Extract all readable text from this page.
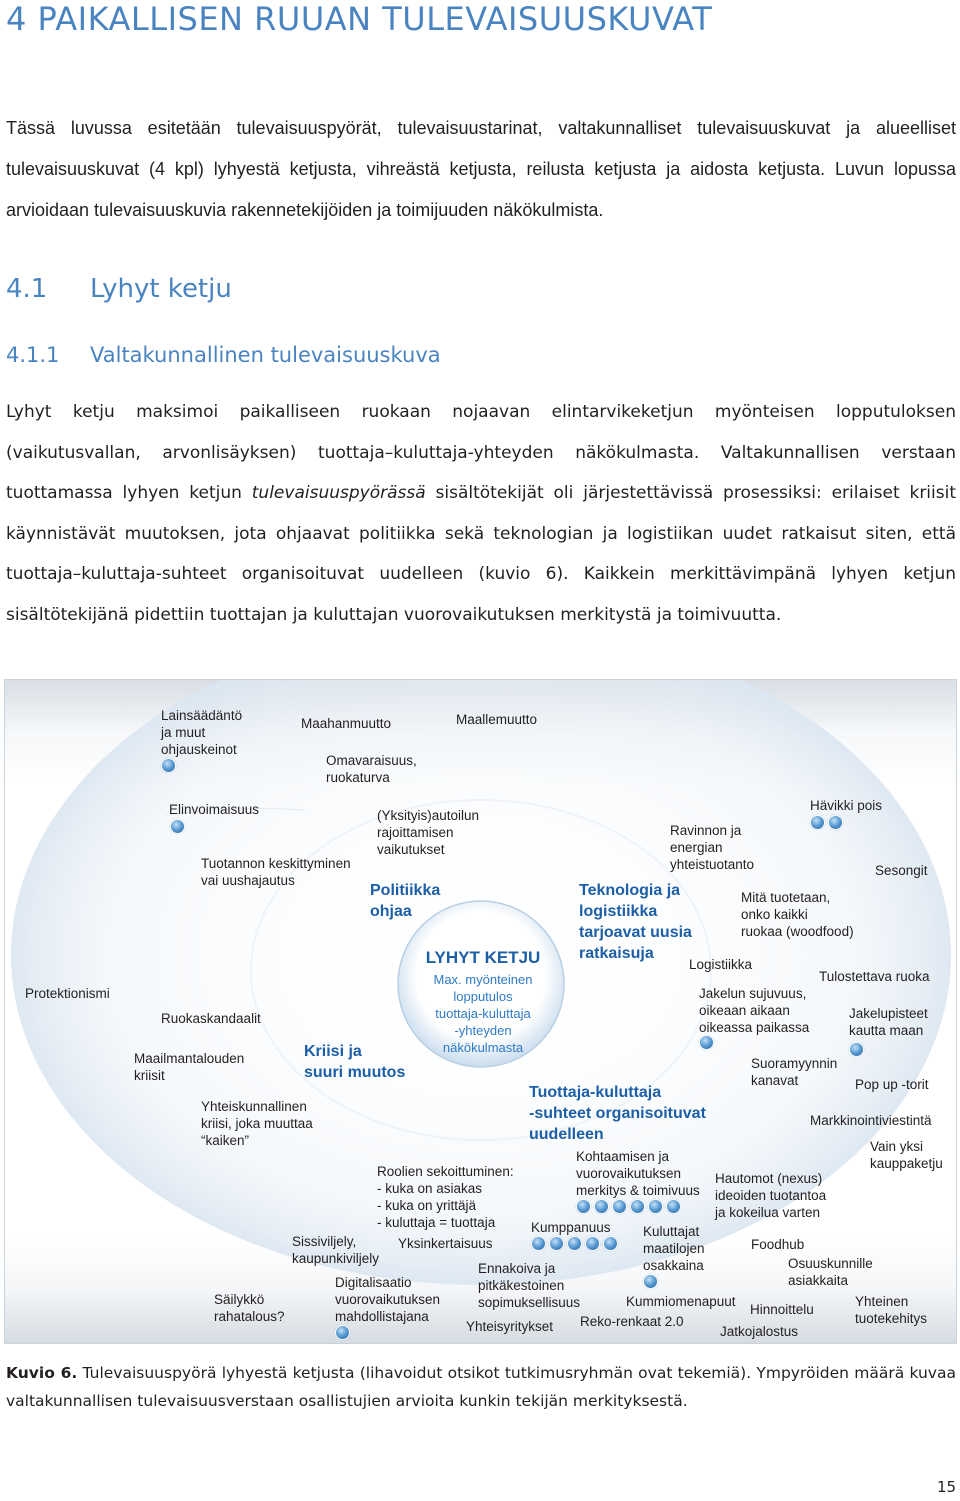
4 PAIKALLISEN RUUAN TULEVAISUUSKUVAT

Tässä luvussa esitetään tulevaisuuspyörät, tulevaisuustarinat, valtakunnalliset tulevaisuuskuvat ja alueelliset tulevaisuuskuvat (4 kpl) lyhyestä ketjusta, vihreästä ketjusta, reilusta ketjusta ja aidosta ketjusta. Luvun lopussa arvioidaan tulevaisuuskuvia rakennetekijöiden ja toimijuuden näkökulmista.

4.1 Lyhyt ketju
4.1.1 Valtakunnallinen tulevaisuuskuva

Lyhyt ketju maksimoi paikalliseen ruokaan nojaavan elintarvikeketjun myönteisen lopputuloksen (vaikutusvallan, arvonlisäyksen) tuottaja–kuluttaja-yhteyden näkökulmasta. Valtakunnallisen verstaan tuottamassa lyhyen ketjun tulevaisuuspyörässä sisältötekijät oli järjestettävissä prosessiksi: erilaiset kriisit käynnistävät muutoksen, jota ohjaavat politiikka sekä teknologian ja logistiikan uudet ratkaisut siten, että tuottaja–kuluttaja-suhteet organisoituvat uudelleen (kuvio 6). Kaikkein merkittävimpänä lyhyen ketjun sisältötekijänä pidettiin tuottajan ja kuluttajan vuorovaikutuksen merkitystä ja toimivuutta.

LYHYT KETJU

Max. myönteinen
lopputulos
tuottaja-kuluttaja
-yhteyden
näkökulmasta

Politiikka
ohjaa

Teknologia ja
logistiikka
tarjoavat uusia
ratkaisuja

Kriisi ja
suuri muutos

Tuottaja-kuluttaja
-suhteet organisoituvat
uudelleen

Lainsäädäntö
ja muut
ohjauskeinot

Maahanmuutto	Maallemuutto

Omavaraisuus,
ruokaturva

Elinvoimaisuus	(Yksityis)autoilun
rajoittamisen
vaikutukset

Hävikki pois

Ravinnon ja
energian
yhteistuotanto	Sesongit

Tuotannon keskittyminen
vai uushajautus

Mitä tuotetaan,
onko kaikki
ruokaa (woodfood)

Logistiikka

Tulostettava ruoka

Protektionismi	Jakelun sujuvuus,
oikeaan aikaan
oikeassa paikassa

Jakelupisteet
kautta maan

Ruokaskandaalit

Maailmantalouden
kriisit

Suoramyynnin
kanavat	Pop up -torit

Markkinointiviestintä

Yhteiskunnallinen
kriisi, joka muuttaa
“kaiken”	Vain yksi
kauppaketju

Kohtaamisen ja
vuorovaikutuksen
merkitys & toimivuus

Roolien sekoittuminen:
- kuka on asiakas
- kuka on yrittäjä
- kuluttaja = tuottaja

Hautomot (nexus)
ideoiden tuotantoa
ja kokeilua varten

Kumppanuus Kuluttajat
maatilojen
osakkaina

Foodhub

Sissiviljely,
kaupunkiviljely

Yksinkertaisuus

Osuuskunnille
asiakkaita

Ennakoiva ja
pitkäkestoinen
sopimuksellisuus

Digitalisaatio
vuorovaikutuksen
mahdollistajana

Säilykkö
rahatalous?

Kummiomenapuut

Hinnoittelu

Yhteinen
tuotekehitys

Yhteisyritykset Reko-renkaat 2.0

Jatkojalostus

Kuvio 6. Tulevaisuuspyörä lyhyestä ketjusta (lihavoidut otsikot tutkimusryhmän ovat tekemiä). Ympyröiden määrä kuvaa valtakunnallisen tulevaisuusverstaan osallistujien arvioita kunkin tekijän merkityksestä.

15
